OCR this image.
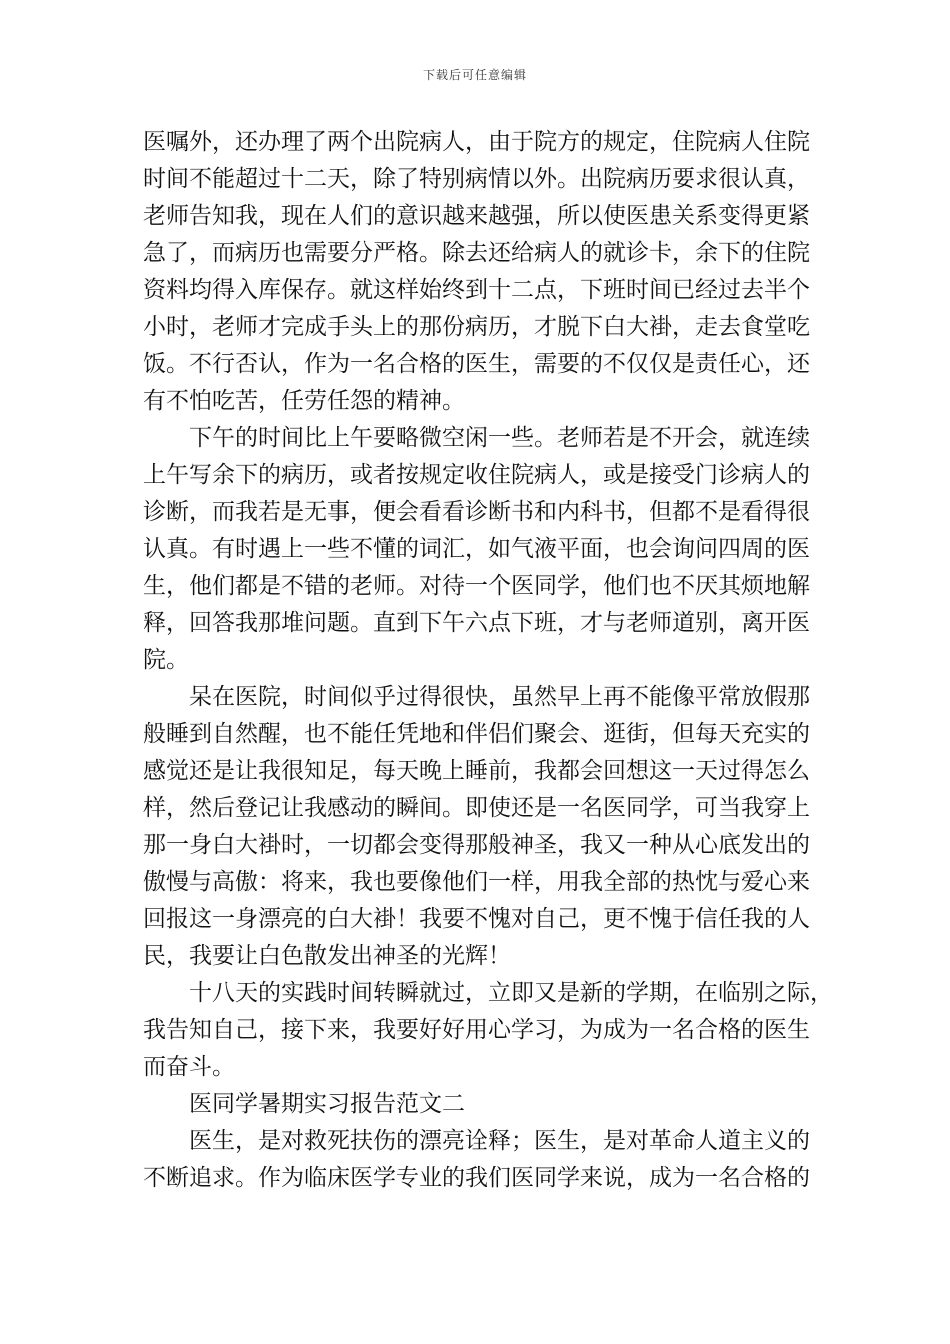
下载后可任意编辑
医嘱外，还办理了两个出院病人，由于院方的规定，住院病人住院
时间不能超过十二天，除了特别病情以外。出院病历要求很认真，
老师告知我，现在人们的意识越来越强，所以使医患关系变得更紧
急了，而病历也需要分严格。除去还给病人的就诊卡，余下的住院
资料均得入库保存。就这样始终到十二点，下班时间已经过去半个
小时，老师才完成手头上的那份病历，才脱下白大褂，走去食堂吃
饭。不行否认，作为一名合格的医生，需要的不仅仅是责任心，还
有不怕吃苦，任劳任怨的精神。
下午的时间比上午要略微空闲一些。老师若是不开会，就连续
上午写余下的病历，或者按规定收住院病人，或是接受门诊病人的
诊断，而我若是无事，便会看看诊断书和内科书，但都不是看得很
认真。有时遇上一些不懂的词汇，如气液平面，也会询问四周的医
生，他们都是不错的老师。对待一个医同学，他们也不厌其烦地解
释，回答我那堆问题。直到下午六点下班，才与老师道别，离开医
院。
呆在医院，时间似乎过得很快，虽然早上再不能像平常放假那
般睡到自然醒，也不能任凭地和伴侣们聚会、逛街，但每天充实的
感觉还是让我很知足，每天晚上睡前，我都会回想这一天过得怎么
样，然后登记让我感动的瞬间。即使还是一名医同学，可当我穿上
那一身白大褂时，一切都会变得那般神圣，我又一种从心底发出的
傲慢与高傲：将来，我也要像他们一样，用我全部的热忱与爱心来
回报这一身漂亮的白大褂！我要不愧对自己，更不愧于信任我的人
民，我要让白色散发出神圣的光辉！
十八天的实践时间转瞬就过，立即又是新的学期，在临别之际，
我告知自己，接下来，我要好好用心学习，为成为一名合格的医生
而奋斗。
医同学暑期实习报告范文二
医生，是对救死扶伤的漂亮诠释；医生，是对革命人道主义的
不断追求。作为临床医学专业的我们医同学来说，成为一名合格的
